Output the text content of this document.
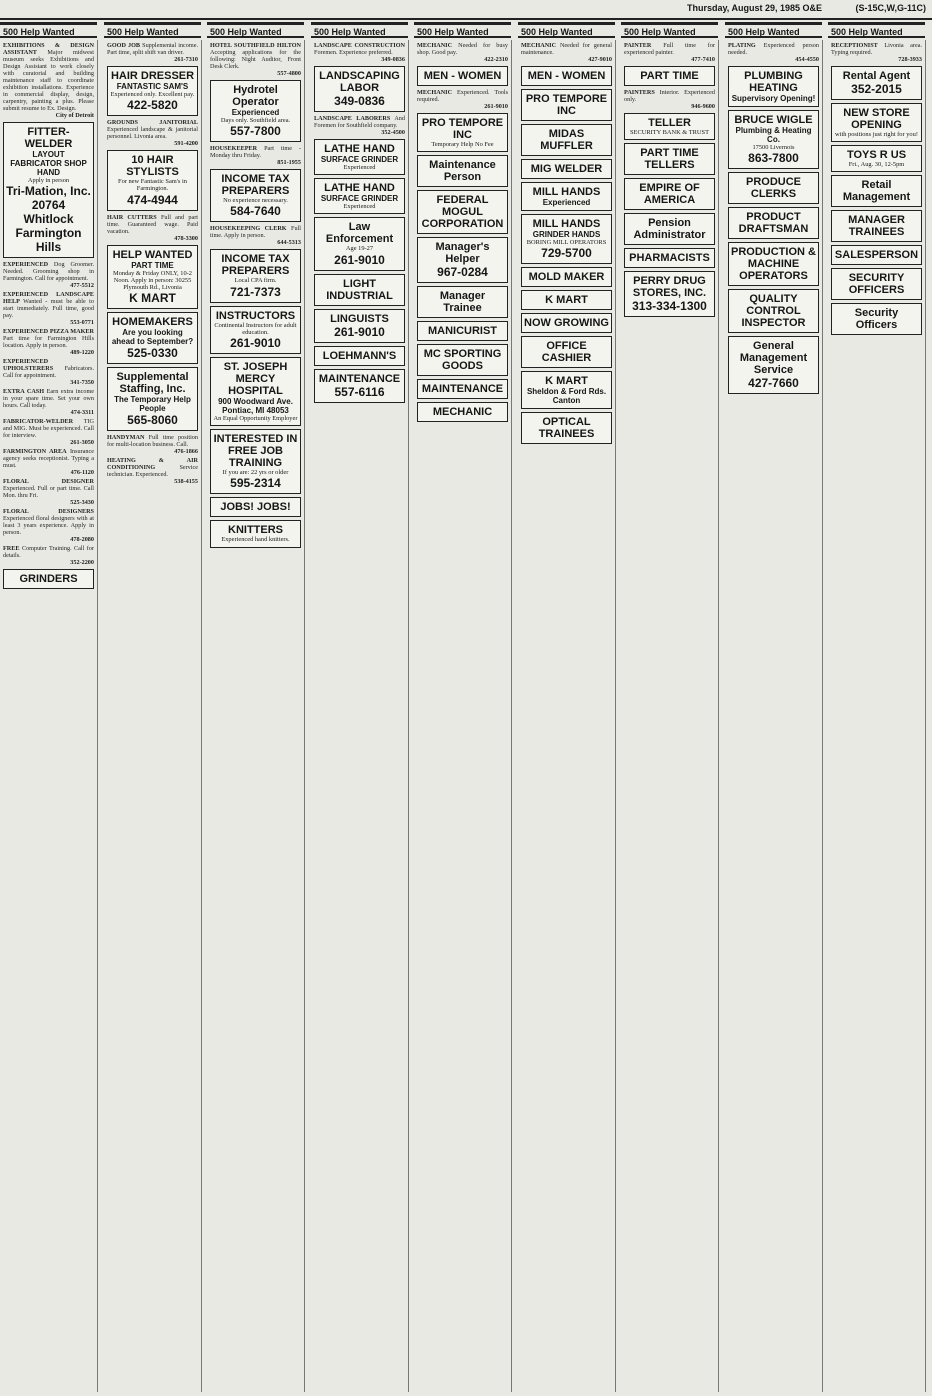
Thursday, August 29, 1985 O&E	(S-15C,W,G-11C)
500 Help Wanted
EXHIBITIONS & DESIGN ASSISTANT Major midwest museum seeks Exhibitions and Design Assistant to work closely with curatorial and building maintenance staff to coordinate exhibition installations. Experience in commercial display, design, carpentry, painting a plus. Please submit resume to Ex. Design.
City of Detroit
FITTER-WELDER
LAYOUT FABRICATOR SHOP HAND
Apply in person
Tri-Mation, Inc. 20764 Whitlock Farmington Hills
EXPERIENCED Dog Groomer. Needed. Grooming shop in Farmington. Call for appointment.
477-5512
EXPERIENCED LANDSCAPE HELP Wanted - must be able to start immediately. Full time, good pay.
553-0771
EXPERIENCED PIZZA MAKER Part time for Farmington Hills location. Apply in person.
489-1220
EXPERIENCED UPHOLSTERERS Fabricators. Call for appointment.
341-7350
EXTRA CASH Earn extra income in your spare time. Set your own hours. Call today.
474-3311
FABRICATOR-WELDER TIG and MIG. Must be experienced. Call for interview.
261-3050
FARMINGTON AREA Insurance agency seeks receptionist. Typing a must.
476-1120
FLORAL DESIGNER Experienced. Full or part time. Call Mon. thru Fri.
525-3430
FLORAL DESIGNERS Experienced floral designers with at least 3 years experience. Apply in person.
478-2080
FREE Computer Training. Call for details.
352-2200
GRINDERS
500 Help Wanted
GOOD JOB Supplemental income. Part time, split shift van driver.
261-7310
HAIR DRESSER
FANTASTIC SAM'S
Experienced only. Excellent pay.
422-5820
GROUNDS JANITORIAL Experienced landscape & janitorial personnel. Livonia area.
591-4200
10 HAIR STYLISTS
For new Fantastic Sam's in Farmington.
474-4944
HAIR CUTTERS Full and part time. Guaranteed wage. Paid vacation.
478-3300
HELP WANTED
PART TIME
Monday & Friday ONLY, 10-2 Noon. Apply in person: 30255 Plymouth Rd., Livonia
K MART
HOMEMAKERS
Are you looking ahead to September?
525-0330
Supplemental Staffing, Inc.
The Temporary Help People
565-8060
HANDYMAN Full time position for multi-location business. Call.
476-1866
HEATING & AIR CONDITIONING	Service technician. Experienced.
538-4155
500 Help Wanted
HOTEL SOUTHFIELD HILTON Accepting applications for the following: Night Auditor, Front Desk Clerk.
557-4800
Hydrotel Operator
Experienced
Days only. Southfield area.
557-7800
HOUSEKEEPER Part time - Monday thru Friday.
851-1955
INCOME TAX PREPARERS
No experience necessary.
584-7640
HOUSEKEEPING CLERK Full time. Apply in person.
644-5313
INCOME TAX PREPARERS
Local CPA firm.
721-7373
INSTRUCTORS
Continental Instructors for adult education.
261-9010
ST. JOSEPH MERCY HOSPITAL
900 Woodward Ave. Pontiac, MI 48053
An Equal Opportunity Employer
INTERESTED IN FREE JOB TRAINING
If you are: 22 yrs or older
595-2314
JOBS! JOBS!
KNITTERS
Experienced hand knitters.
500 Help Wanted
LANDSCAPE CONSTRUCTION Foremen. Experience preferred.
349-0836
LANDSCAPING LABOR
349-0836
LANDSCAPE LABORERS And Foremen for Southfield company.
352-4500
LATHE HAND
SURFACE GRINDER
Experienced
LATHE HAND
SURFACE GRINDER
Experienced
Law Enforcement
Age 19-27
261-9010
LIGHT INDUSTRIAL
LINGUISTS
261-9010
LOEHMANN'S
MAINTENANCE
557-6116
500 Help Wanted
MECHANIC Needed for busy shop. Good pay.
422-2310
MEN - WOMEN
MECHANIC Experienced. Tools required.
261-9010
PRO TEMPORE INC
Temporary Help No Fee
Maintenance Person
FEDERAL MOGUL CORPORATION
Manager's Helper
967-0284
Manager Trainee
MANICURIST
MC SPORTING GOODS
MAINTENANCE
MECHANIC
500 Help Wanted
MECHANIC Needed for general maintenance.
427-9010
MEN - WOMEN
PRO TEMPORE INC
MIDAS MUFFLER
MIG WELDER
MILL HANDS
Experienced
MILL HANDS
GRINDER HANDS
BORING MILL OPERATORS
729-5700
MOLD MAKER
K MART
NOW GROWING
OFFICE CASHIER
K MART
Sheldon & Ford Rds. Canton
OPTICAL TRAINEES
500 Help Wanted
PAINTER Full time for experienced painter.
477-7410
PART TIME
PAINTERS Interior. Experienced only.
946-9600
TELLER
SECURITY BANK & TRUST
PART TIME TELLERS
EMPIRE OF AMERICA
Pension Administrator
PHARMACISTS
PERRY DRUG STORES, INC.
313-334-1300
500 Help Wanted
PLATING Experienced person needed.
454-4550
PLUMBING HEATING
Supervisory Opening!
BRUCE WIGLE
Plumbing & Heating Co.
17500 Livernois
863-7800
PRODUCE CLERKS
PRODUCT DRAFTSMAN
PRODUCTION & MACHINE OPERATORS
QUALITY CONTROL INSPECTOR
General Management Service
427-7660
500 Help Wanted
RECEPTIONIST Livonia area. Typing required.
728-3933
Rental Agent
352-2015
NEW STORE OPENING
with positions just right for you!
TOYS R US
Fri., Aug. 30, 12-5pm
Retail Management
MANAGER TRAINEES
SALESPERSON
SECURITY OFFICERS
Security Officers
